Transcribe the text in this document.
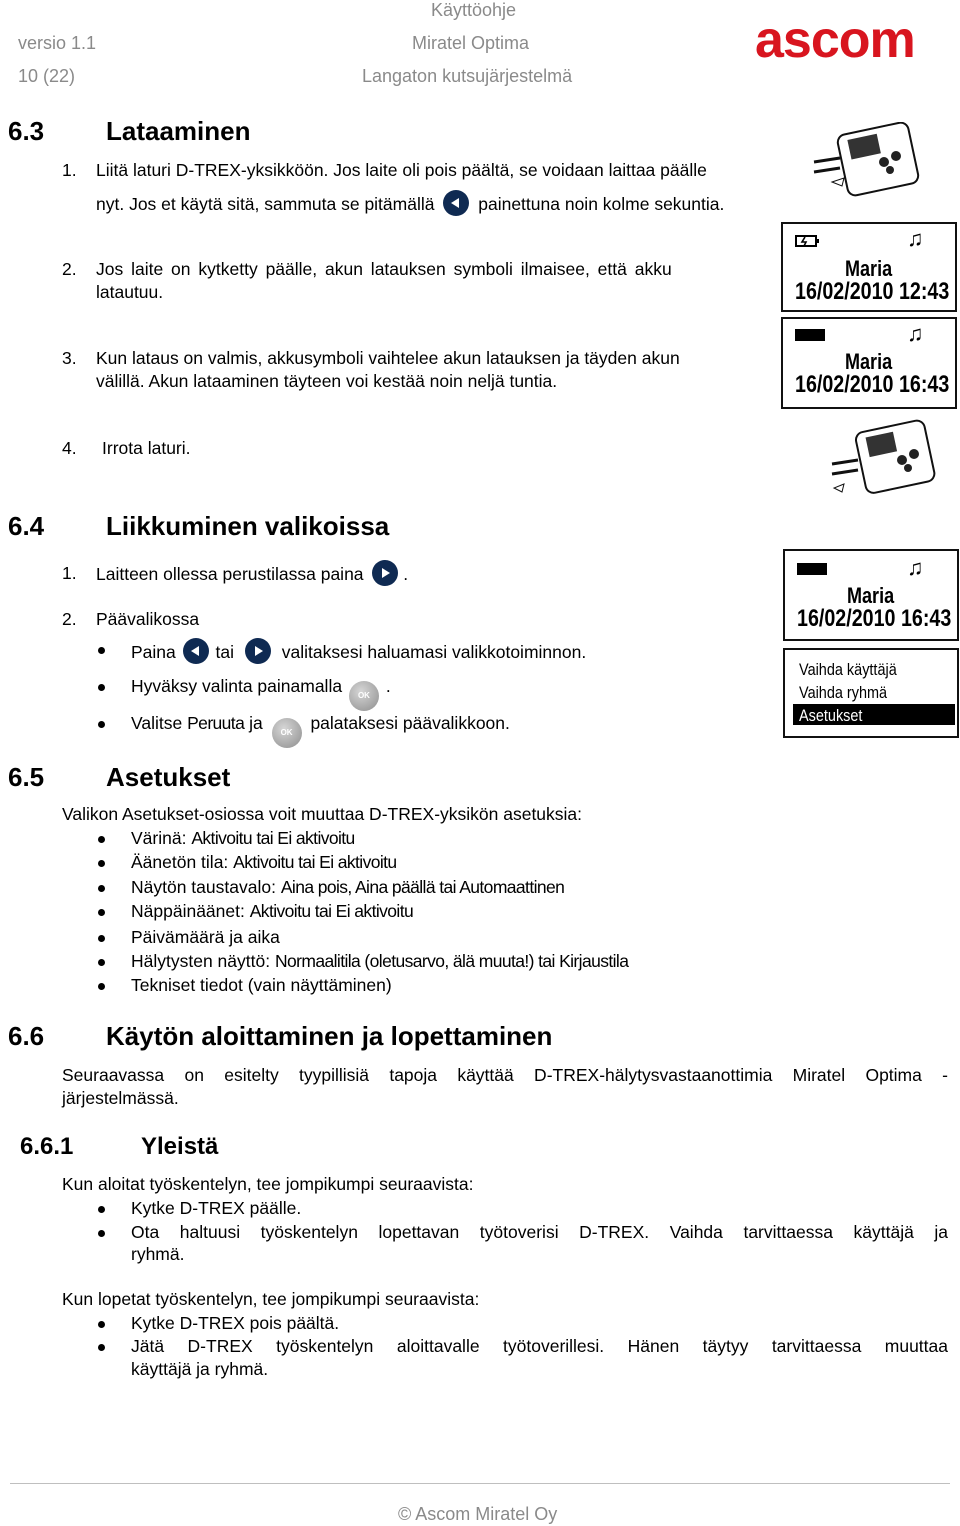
Käyttöohje
versio 1.1	Miratel Optima
10 (22)	Langaton kutsujärjestelmä
ascom
6.3 Lataaminen
1. Liitä laturi D-TREX-yksikköön. Jos laite oli pois päältä, se voidaan laittaa päälle
nyt. Jos et käytä sitä, sammuta se pitämällä	painettuna noin kolme sekuntia.
2. Jos laite on kytketty päälle, akun latauksen symboli ilmaisee, että akku
latautuu.
3. Kun lataus on valmis, akkusymboli vaihtelee akun latauksen ja täyden akun
välillä. Akun lataaminen täyteen voi kestää noin neljä tuntia.
4. Irrota laturi.
♫
Maria
16/02/2010 12:43
♫
Maria
16/02/2010 16:43
6.4 Liikkuminen valikoissa
1. Laitteen ollessa perustilassa paina .
2. Päävalikossa
Paina tai	valitaksesi haluamasi valikkotoiminnon.
Hyväksy valinta painamalla OK .
Valitse Peruuta ja OK palataksesi päävalikkoon.
♫
Maria
16/02/2010 16:43
Vaihda käyttäjä
Vaihda ryhmä
Asetukset
6.5 Asetukset
Valikon Asetukset-osiossa voit muuttaa D-TREX-yksikön asetuksia:
Värinä: Aktivoitu tai Ei aktivoitu
Äänetön tila: Aktivoitu tai Ei aktivoitu
Näytön taustavalo: Aina pois, Aina päällä tai Automaattinen
Näppäinäänet: Aktivoitu tai Ei aktivoitu
Päivämäärä ja aika
Hälytysten näyttö: Normaalitila (oletusarvo, älä muuta!) tai Kirjaustila
Tekniset tiedot (vain näyttäminen)
6.6 Käytön aloittaminen ja lopettaminen
Seuraavassa on esitelty tyypillisiä tapoja käyttää D-TREX-hälytysvastaanottimia Miratel Optima -
järjestelmässä.
6.6.1	Yleistä
Kun aloitat työskentelyn, tee jompikumpi seuraavista:
Kytke D-TREX päälle.
Ota haltuusi työskentelyn lopettavan työtoverisi D-TREX. Vaihda tarvittaessa käyttäjä ja
ryhmä.
Kun lopetat työskentelyn, tee jompikumpi seuraavista:
Kytke D-TREX pois päältä.
Jätä D-TREX työskentelyn aloittavalle työtoverillesi. Hänen täytyy tarvittaessa muuttaa
käyttäjä ja ryhmä.
© Ascom Miratel Oy
